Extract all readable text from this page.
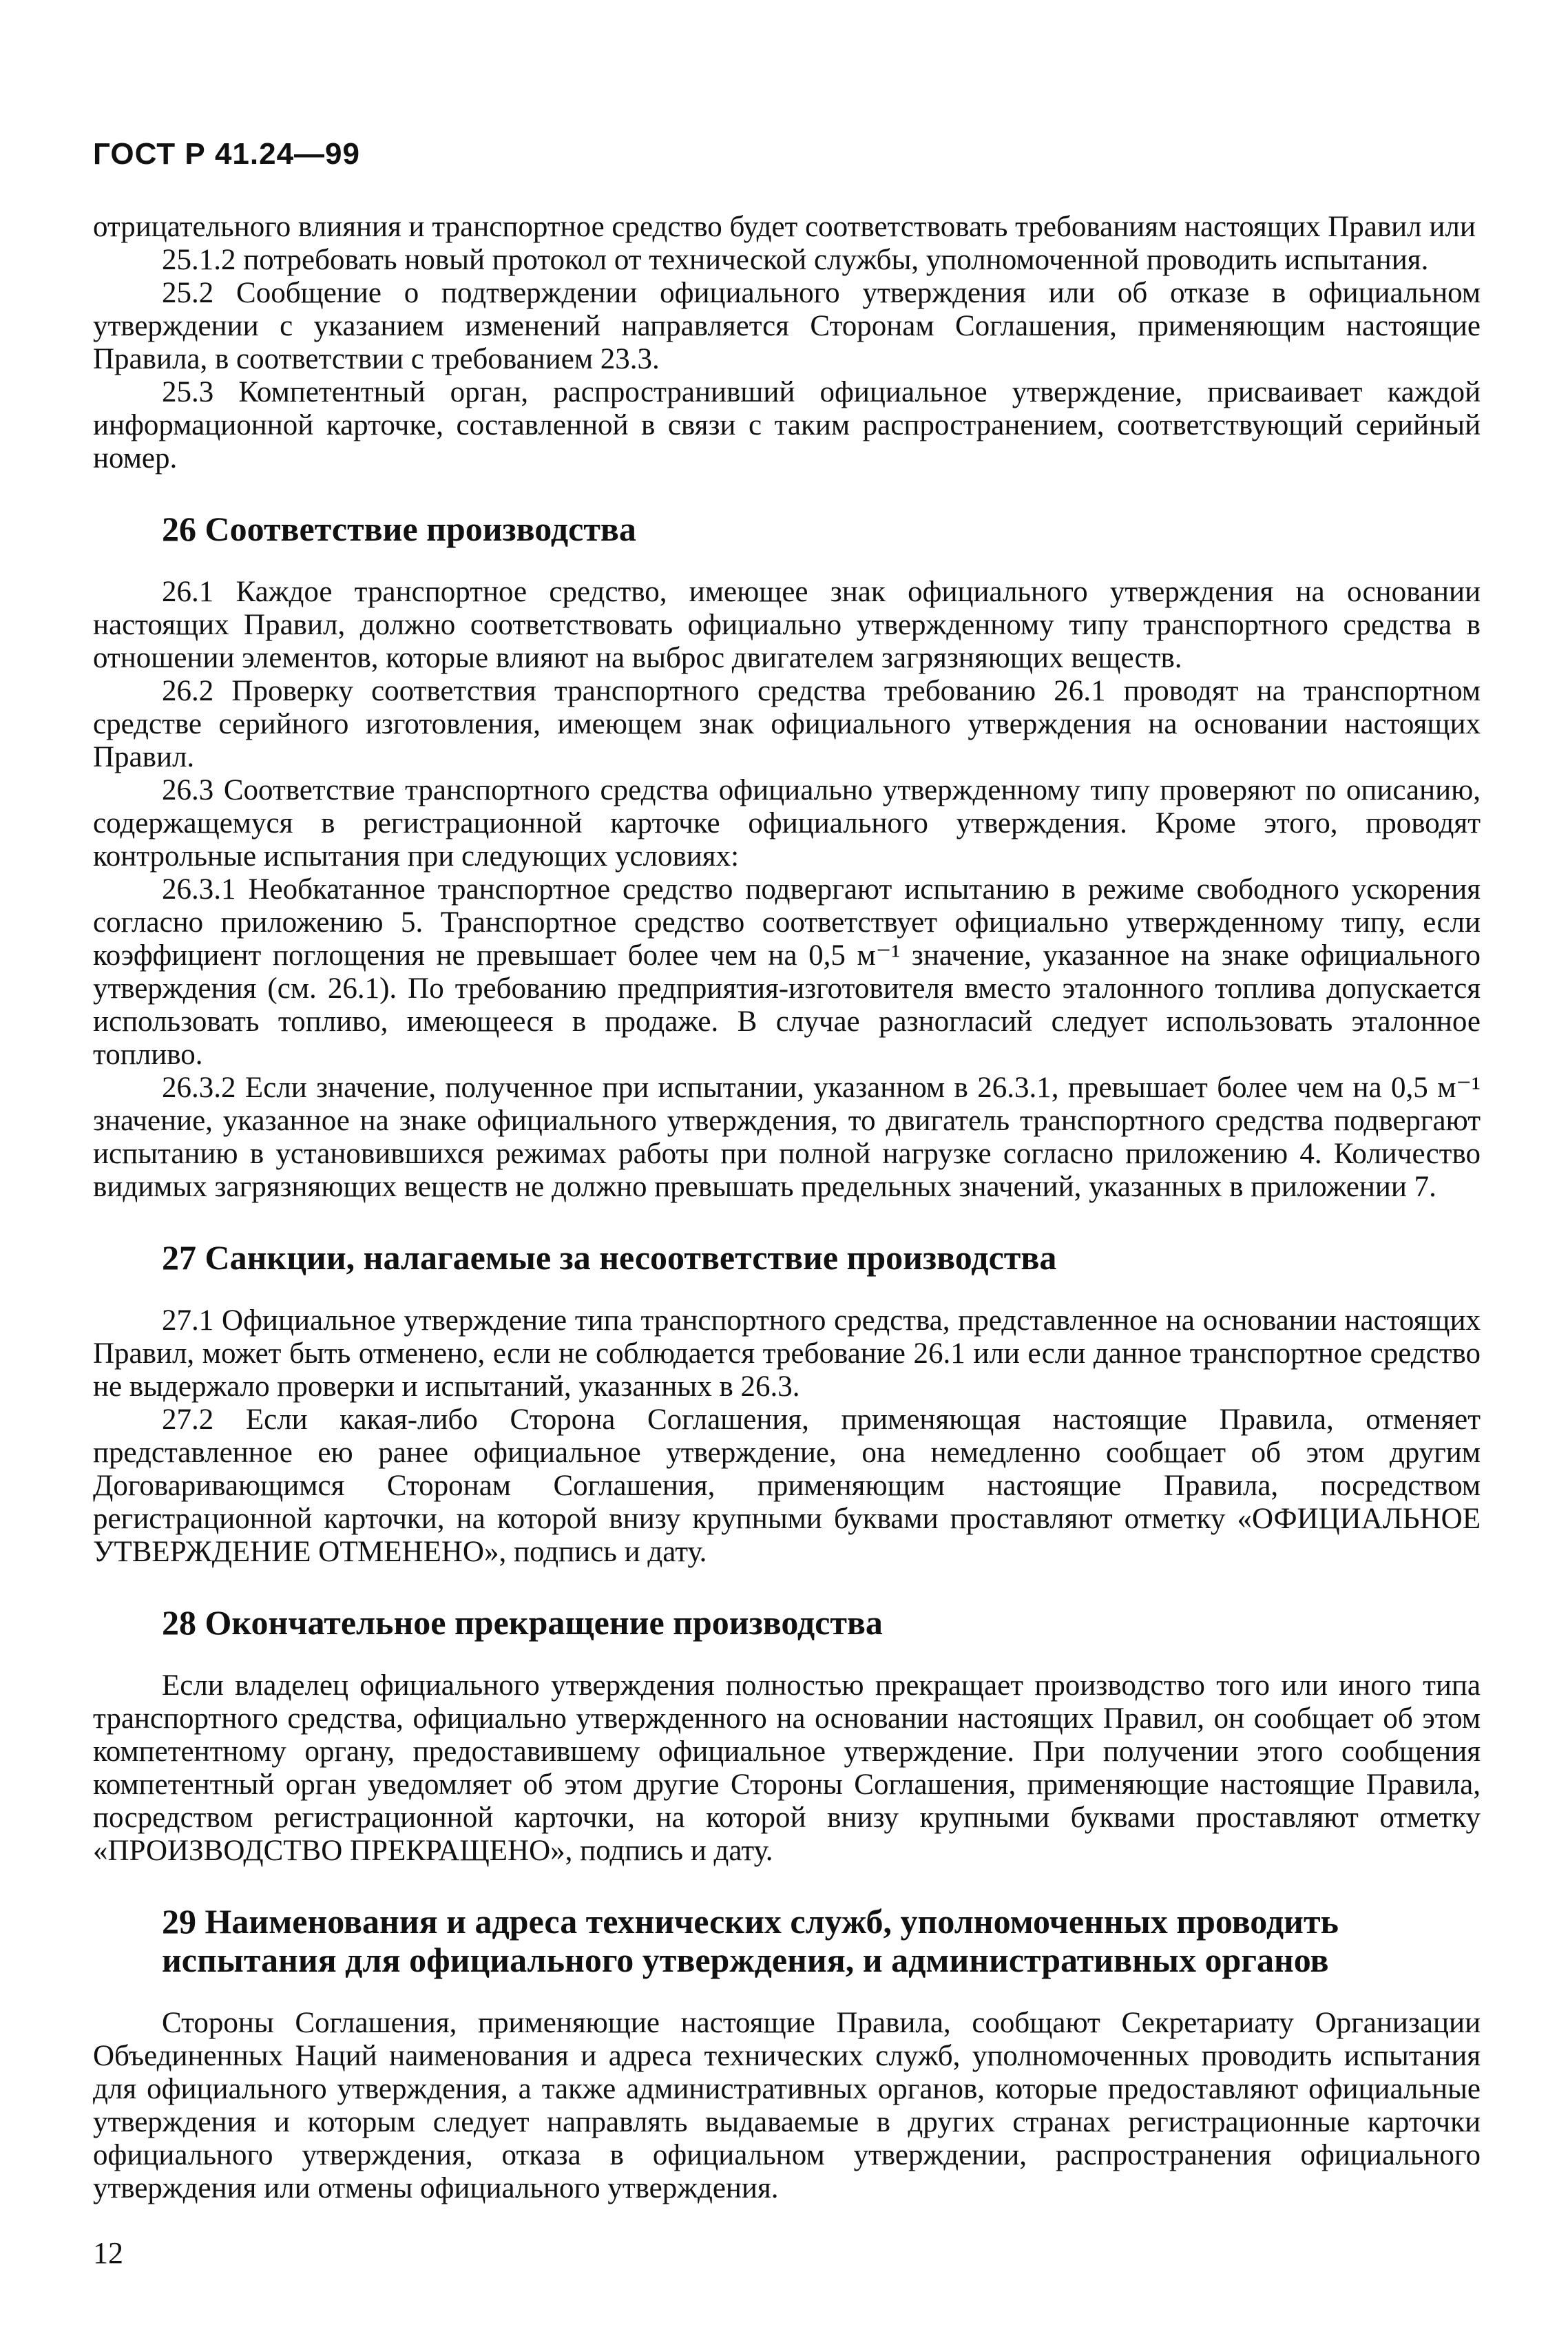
ГОСТ Р 41.24—99

отрицательного влияния и транспортное средство будет соответствовать требованиям настоящих Правил или

25.1.2 потребовать новый протокол от технической службы, уполномоченной проводить испытания.

25.2 Сообщение о подтверждении официального утверждения или об отказе в официальном утверждении с указанием изменений направляется Сторонам Соглашения, применяющим настоящие Правила, в соответствии с требованием 23.3.

25.3 Компетентный орган, распространивший официальное утверждение, присваивает каждой информационной карточке, составленной в связи с таким распространением, соответствующий серийный номер.

26 Соответствие производства

26.1 Каждое транспортное средство, имеющее знак официального утверждения на основании настоящих Правил, должно соответствовать официально утвержденному типу транспортного средства в отношении элементов, которые влияют на выброс двигателем загрязняющих веществ.

26.2 Проверку соответствия транспортного средства требованию 26.1 проводят на транспортном средстве серийного изготовления, имеющем знак официального утверждения на основании настоящих Правил.

26.3 Соответствие транспортного средства официально утвержденному типу проверяют по описанию, содержащемуся в регистрационной карточке официального утверждения. Кроме этого, проводят контрольные испытания при следующих условиях:

26.3.1 Необкатанное транспортное средство подвергают испытанию в режиме свободного ускорения согласно приложению 5. Транспортное средство соответствует официально утвержденному типу, если коэффициент поглощения не превышает более чем на 0,5 м⁻¹ значение, указанное на знаке официального утверждения (см. 26.1). По требованию предприятия-изготовителя вместо эталонного топлива допускается использовать топливо, имеющееся в продаже. В случае разногласий следует использовать эталонное топливо.

26.3.2 Если значение, полученное при испытании, указанном в 26.3.1, превышает более чем на 0,5 м⁻¹ значение, указанное на знаке официального утверждения, то двигатель транспортного средства подвергают испытанию в установившихся режимах работы при полной нагрузке согласно приложению 4. Количество видимых загрязняющих веществ не должно превышать предельных значений, указанных в приложении 7.

27 Санкции, налагаемые за несоответствие производства

27.1 Официальное утверждение типа транспортного средства, представленное на основании настоящих Правил, может быть отменено, если не соблюдается требование 26.1 или если данное транспортное средство не выдержало проверки и испытаний, указанных в 26.3.

27.2 Если какая-либо Сторона Соглашения, применяющая настоящие Правила, отменяет представленное ею ранее официальное утверждение, она немедленно сообщает об этом другим Договаривающимся Сторонам Соглашения, применяющим настоящие Правила, посредством регистрационной карточки, на которой внизу крупными буквами проставляют отметку «ОФИЦИАЛЬНОЕ УТВЕРЖДЕНИЕ ОТМЕНЕНО», подпись и дату.

28 Окончательное прекращение производства

Если владелец официального утверждения полностью прекращает производство того или иного типа транспортного средства, официально утвержденного на основании настоящих Правил, он сообщает об этом компетентному органу, предоставившему официальное утверждение. При получении этого сообщения компетентный орган уведомляет об этом другие Стороны Соглашения, применяющие настоящие Правила, посредством регистрационной карточки, на которой внизу крупными буквами проставляют отметку «ПРОИЗВОДСТВО ПРЕКРАЩЕНО», подпись и дату.

29 Наименования и адреса технических служб, уполномоченных проводить испытания для официального утверждения, и административных органов

Стороны Соглашения, применяющие настоящие Правила, сообщают Секретариату Организации Объединенных Наций наименования и адреса технических служб, уполномоченных проводить испытания для официального утверждения, а также административных органов, которые предоставляют официальные утверждения и которым следует направлять выдаваемые в других странах регистрационные карточки официального утверждения, отказа в официальном утверждении, распространения официального утверждения или отмены официального утверждения.

12
